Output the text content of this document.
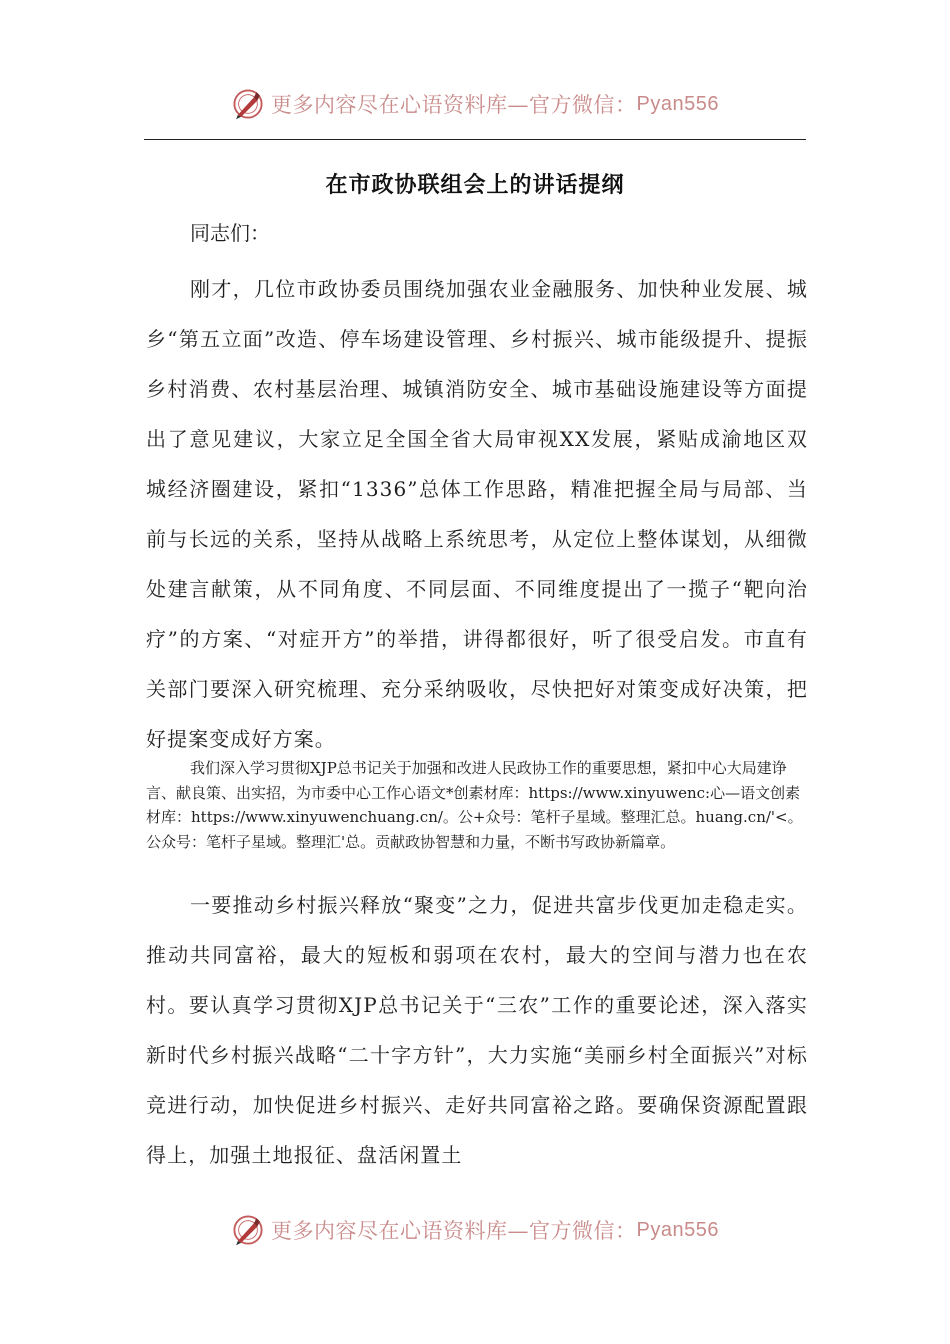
更多内容尽在心语资料库—官方微信： Pyan556
在市政协联组会上的讲话提纲

同志们：

刚才，几位市政协委员围绕加强农业金融服务、加快种业发展、城乡“第五立面”改造、停车场建设管理、乡村振兴、城市能级提升、提振乡村消费、农村基层治理、城镇消防安全、城市基础设施建设等方面提出了意见建议，大家立足全国全省大局审视XX发展，紧贴成渝地区双城经济圈建设，紧扣“1336”总体工作思路，精准把握全局与局部、当前与长远的关系，坚持从战略上系统思考，从定位上整体谋划，从细微处建言献策，从不同角度、不同层面、不同维度提出了一揽子“靶向治疗”的方案、“对症开方”的举措，讲得都很好，听了很受启发。市直有关部门要深入研究梳理、充分采纳吸收，尽快把好对策变成好决策，把好提案变成好方案。

我们深入学习贯彻XJP总书记关于加强和改进人民政协工作的重要思想，紧扣中心大局建诤言、献良策、出实招，为市委中心工作心语文*创素材库：https://www.xinyuwenc:心—语文创素材库：https://www.xinyuwenchuang.cn/。公+众号：笔杆子星域。整理汇总。huang.cn/'<。公众号：笔杆子星域。整理汇'总。贡献政协智慧和力量，不断书写政协新篇章。

一要推动乡村振兴释放“聚变”之力，促进共富步伐更加走稳走实。推动共同富裕，最大的短板和弱项在农村，最大的空间与潜力也在农村。要认真学习贯彻XJP总书记关于“三农”工作的重要论述，深入落实新时代乡村振兴战略“二十字方针”，大力实施“美丽乡村全面振兴”对标竞进行动，加快促进乡村振兴、走好共同富裕之路。要确保资源配置跟得上，加强土地报征、盘活闲置土

更多内容尽在心语资料库—官方微信： Pyan556
